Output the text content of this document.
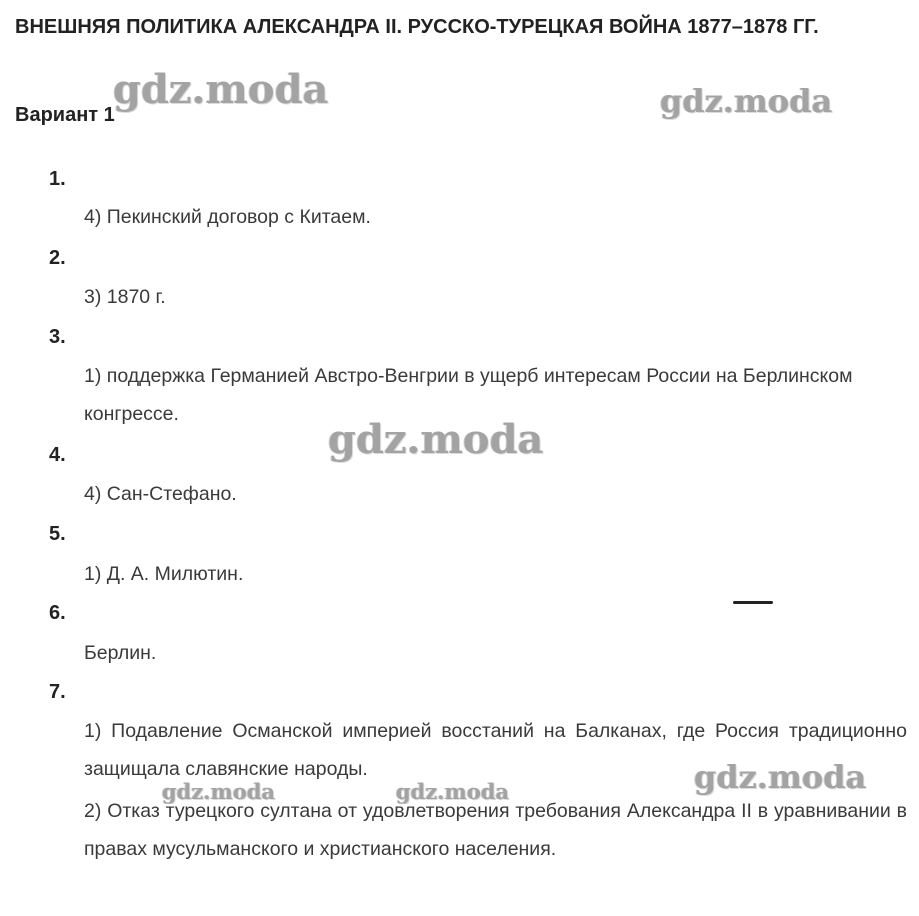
ВНЕШНЯЯ ПОЛИТИКА АЛЕКСАНДРА II. РУССКО-ТУРЕЦКАЯ ВОЙНА 1877–1878 ГГ.
Вариант 1
1.
4) Пекинский договор с Китаем.
2.
3) 1870 г.
3.
1) поддержка Германией Австро-Венгрии в ущерб интересам России на Берлинском конгрессе.
4.
4) Сан-Стефано.
5.
1) Д. А. Милютин.
6.
Берлин.
7.
1) Подавление Османской империей восстаний на Балканах, где Россия традиционно защищала славянские народы.
2) Отказ турецкого султана от удовлетворения требования Александра II в уравнивании в правах мусульманского и христианского населения.
gdz.moda	gdz.moda
gdz.moda
gdz.moda
gdz.moda	gdz.moda
